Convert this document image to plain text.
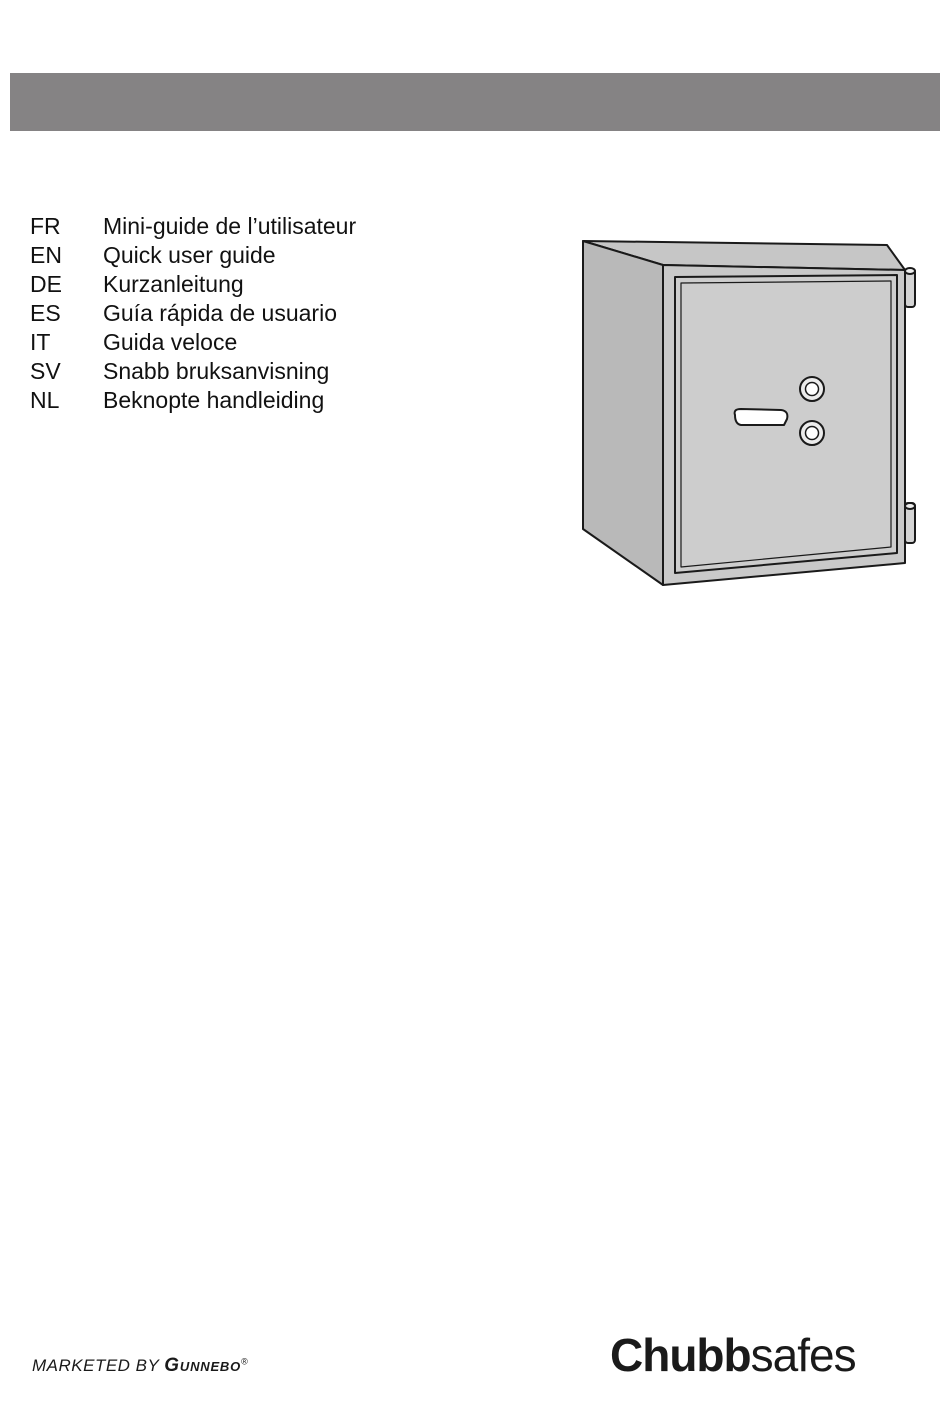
FR	Mini-guide de l’utilisateur
EN	Quick user guide
DE	Kurzanleitung
ES	Guía rápida de usuario
IT	Guida veloce
SV	Snabb bruksanvisning
NL	Beknopte handleiding
MARKETED BY Gunnebo®	Chubbsafes
